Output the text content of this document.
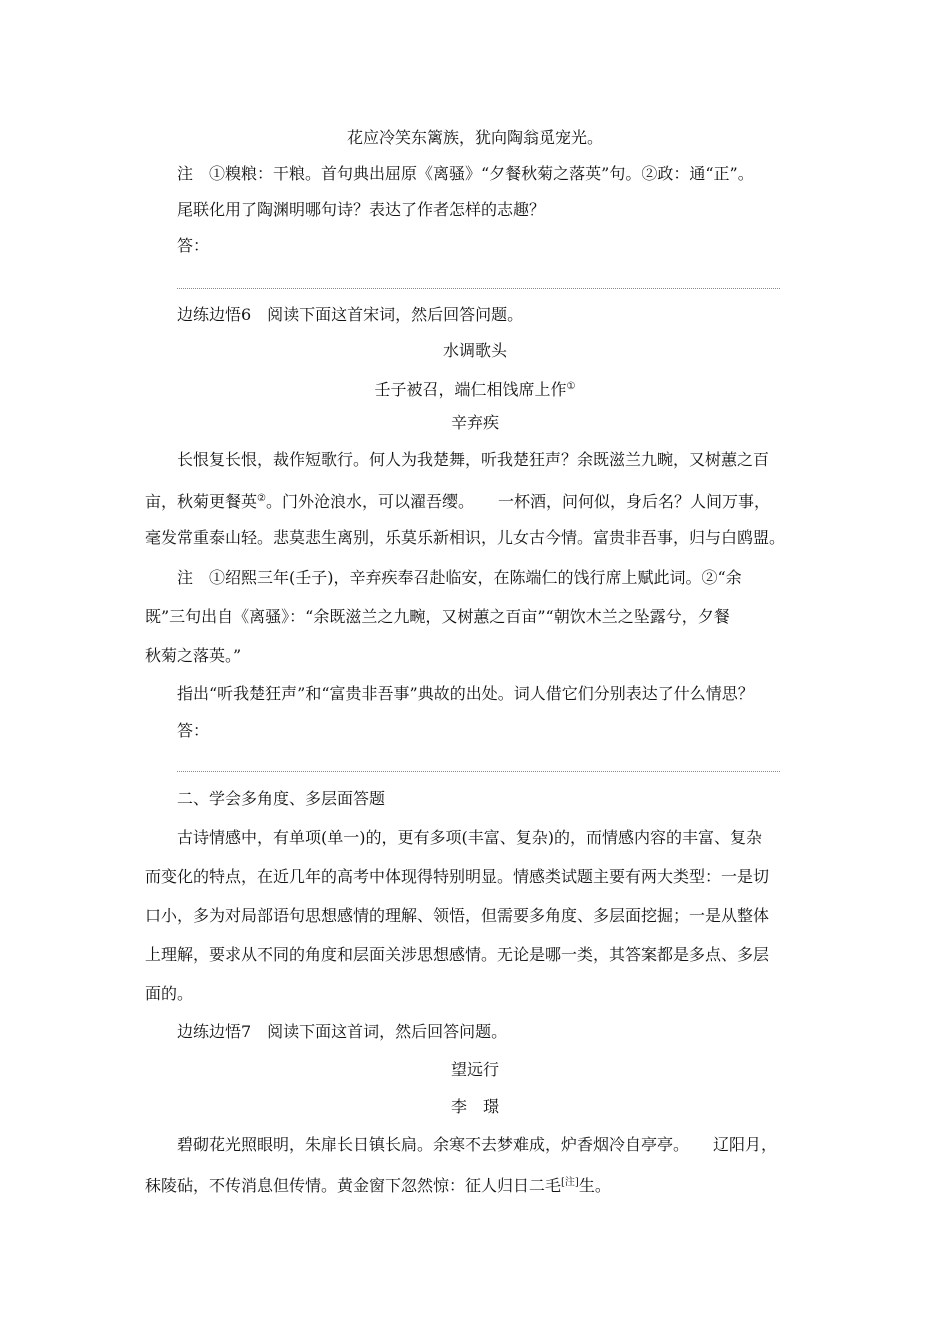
花应冷笑东篱族，犹向陶翁觅宠光。
注　①糗粮：干粮。首句典出屈原《离骚》“夕餐秋菊之落英”句。②政：通“正”。
尾联化用了陶渊明哪句诗？表达了作者怎样的志趣？
答：
边练边悟6　阅读下面这首宋词，然后回答问题。
水调歌头
壬子被召，端仁相饯席上作①
辛弃疾
长恨复长恨，裁作短歌行。何人为我楚舞，听我楚狂声？余既滋兰九畹，又树蕙之百
亩，秋菊更餐英②。门外沧浪水，可以濯吾缨。　　一杯酒，问何似，身后名？人间万事，
毫发常重泰山轻。悲莫悲生离别，乐莫乐新相识，儿女古今情。富贵非吾事，归与白鸥盟。
注　①绍熙三年(壬子)，辛弃疾奉召赴临安，在陈端仁的饯行席上赋此词。②“余
既”三句出自《离骚》：“余既滋兰之九畹，又树蕙之百亩”“朝饮木兰之坠露兮，夕餐
秋菊之落英。”
指出“听我楚狂声”和“富贵非吾事”典故的出处。词人借它们分别表达了什么情思？
答：
二、学会多角度、多层面答题
古诗情感中，有单项(单一)的，更有多项(丰富、复杂)的，而情感内容的丰富、复杂
而变化的特点，在近几年的高考中体现得特别明显。情感类试题主要有两大类型：一是切
口小，多为对局部语句思想感情的理解、领悟，但需要多角度、多层面挖掘；一是从整体
上理解，要求从不同的角度和层面关涉思想感情。无论是哪一类，其答案都是多点、多层
面的。
边练边悟7　阅读下面这首词，然后回答问题。
望远行
李　璟
碧砌花光照眼明，朱扉长日镇长扃。余寒不去梦难成，炉香烟冷自亭亭。　　辽阳月，
秣陵砧，不传消息但传情。黄金窗下忽然惊：征人归日二毛[注]生。
